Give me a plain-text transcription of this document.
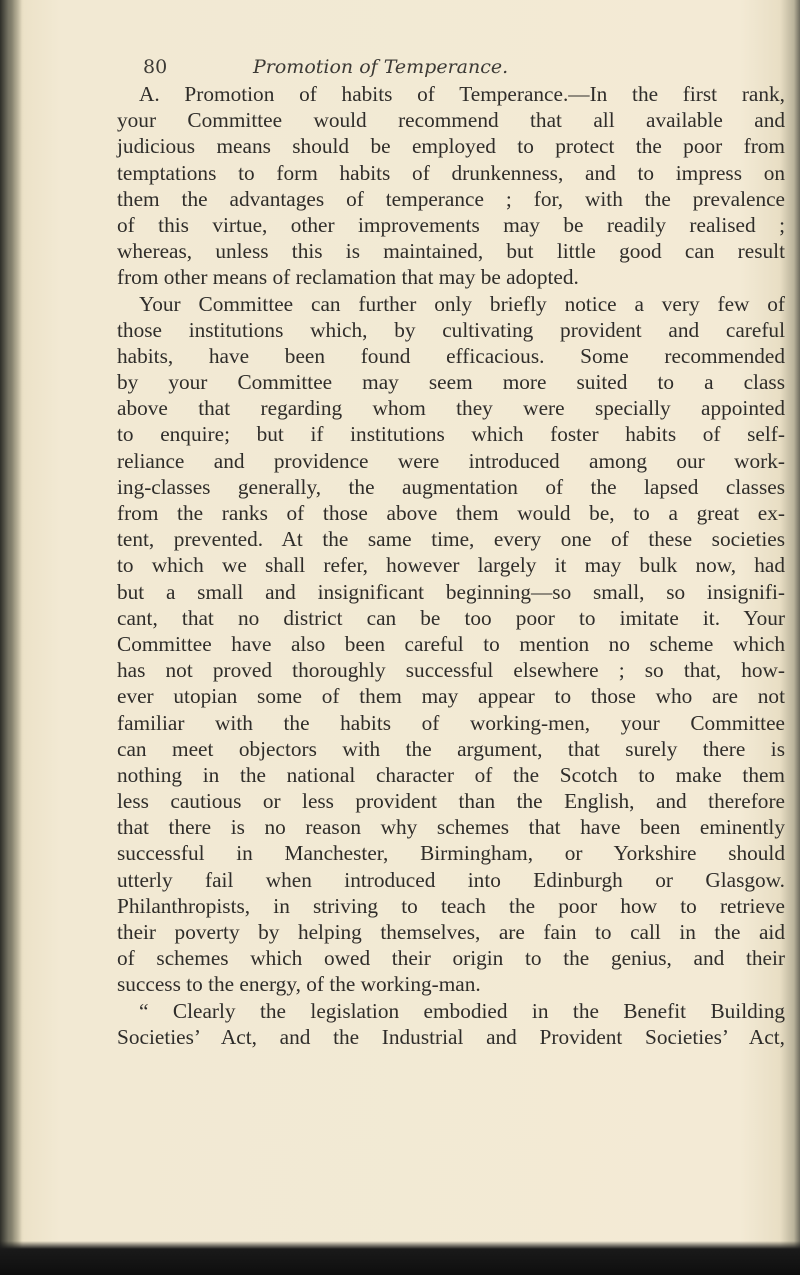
80	Promotion of Temperance.
A. Promotion of habits of Temperance.—In the first rank,
your Committee would recommend that all available and
judicious means should be employed to protect the poor from
temptations to form habits of drunkenness, and to impress on
them the advantages of temperance ; for, with the prevalence
of this virtue, other improvements may be readily realised ;
whereas, unless this is maintained, but little good can result
from other means of reclamation that may be adopted.
Your Committee can further only briefly notice a very few of
those institutions which, by cultivating provident and careful
habits, have been found efficacious. Some recommended
by your Committee may seem more suited to a class
above that regarding whom they were specially appointed
to enquire; but if institutions which foster habits of self-
reliance and providence were introduced among our work-
ing-classes generally, the augmentation of the lapsed classes
from the ranks of those above them would be, to a great ex-
tent, prevented. At the same time, every one of these societies
to which we shall refer, however largely it may bulk now, had
but a small and insignificant beginning—so small, so insignifi-
cant, that no district can be too poor to imitate it. Your
Committee have also been careful to mention no scheme which
has not proved thoroughly successful elsewhere ; so that, how-
ever utopian some of them may appear to those who are not
familiar with the habits of working-men, your Committee
can meet objectors with the argument, that surely there is
nothing in the national character of the Scotch to make them
less cautious or less provident than the English, and therefore
that there is no reason why schemes that have been eminently
successful in Manchester, Birmingham, or Yorkshire should
utterly fail when introduced into Edinburgh or Glasgow.
Philanthropists, in striving to teach the poor how to retrieve
their poverty by helping themselves, are fain to call in the aid
of schemes which owed their origin to the genius, and their
success to the energy, of the working-man.
“ Clearly the legislation embodied in the Benefit Building
Societies’ Act, and the Industrial and Provident Societies’ Act,
